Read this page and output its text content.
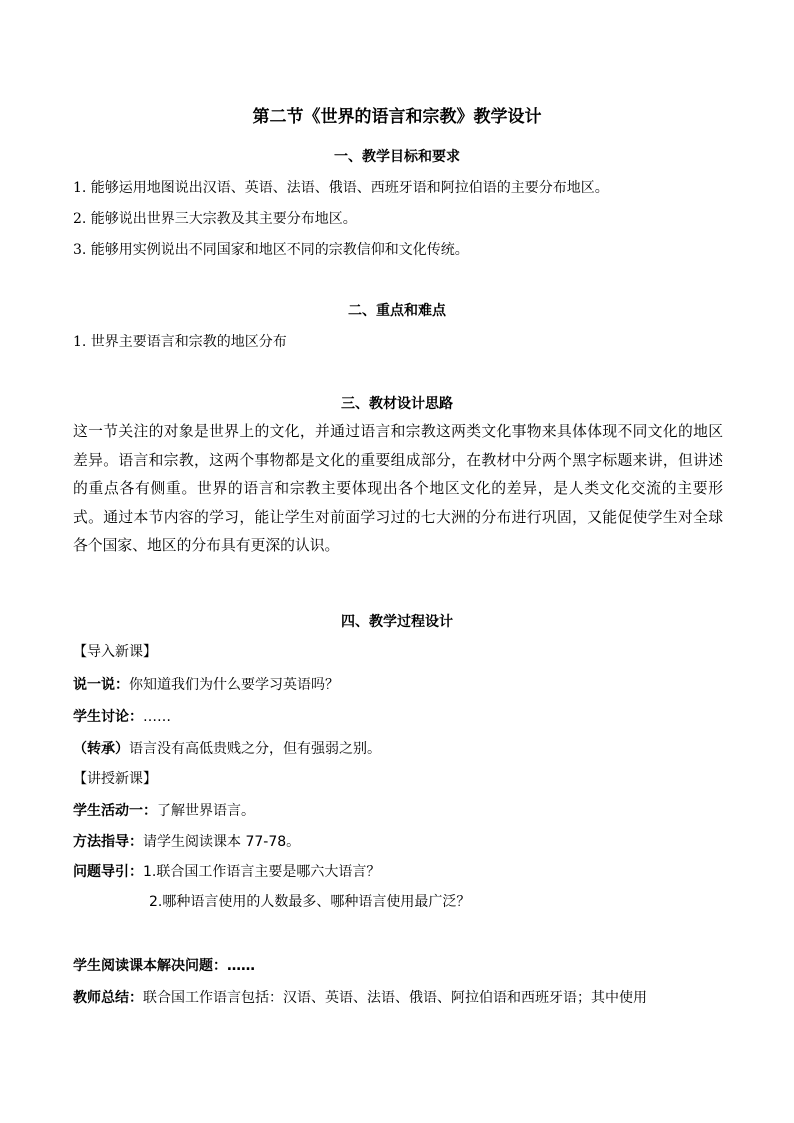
第二节《世界的语言和宗教》教学设计
一、教学目标和要求
1. 能够运用地图说出汉语、英语、法语、俄语、西班牙语和阿拉伯语的主要分布地区。
2. 能够说出世界三大宗教及其主要分布地区。
3. 能够用实例说出不同国家和地区不同的宗教信仰和文化传统。
二、重点和难点
1. 世界主要语言和宗教的地区分布
三、教材设计思路
这一节关注的对象是世界上的文化，并通过语言和宗教这两类文化事物来具体体现不同文化的地区差异。语言和宗教，这两个事物都是文化的重要组成部分，在教材中分两个黑字标题来讲，但讲述的重点各有侧重。世界的语言和宗教主要体现出各个地区文化的差异，是人类文化交流的主要形式。通过本节内容的学习，能让学生对前面学习过的七大洲的分布进行巩固，又能促使学生对全球各个国家、地区的分布具有更深的认识。
四、教学过程设计
【导入新课】
说一说：你知道我们为什么要学习英语吗？
学生讨论：……
（转承）语言没有高低贵贱之分，但有强弱之别。
【讲授新课】
学生活动一：了解世界语言。
方法指导：请学生阅读课本 77-78。
问题导引：1.联合国工作语言主要是哪六大语言？
2.哪种语言使用的人数最多、哪种语言使用最广泛？
学生阅读课本解决问题：……
教师总结：联合国工作语言包括：汉语、英语、法语、俄语、阿拉伯语和西班牙语；其中使用
